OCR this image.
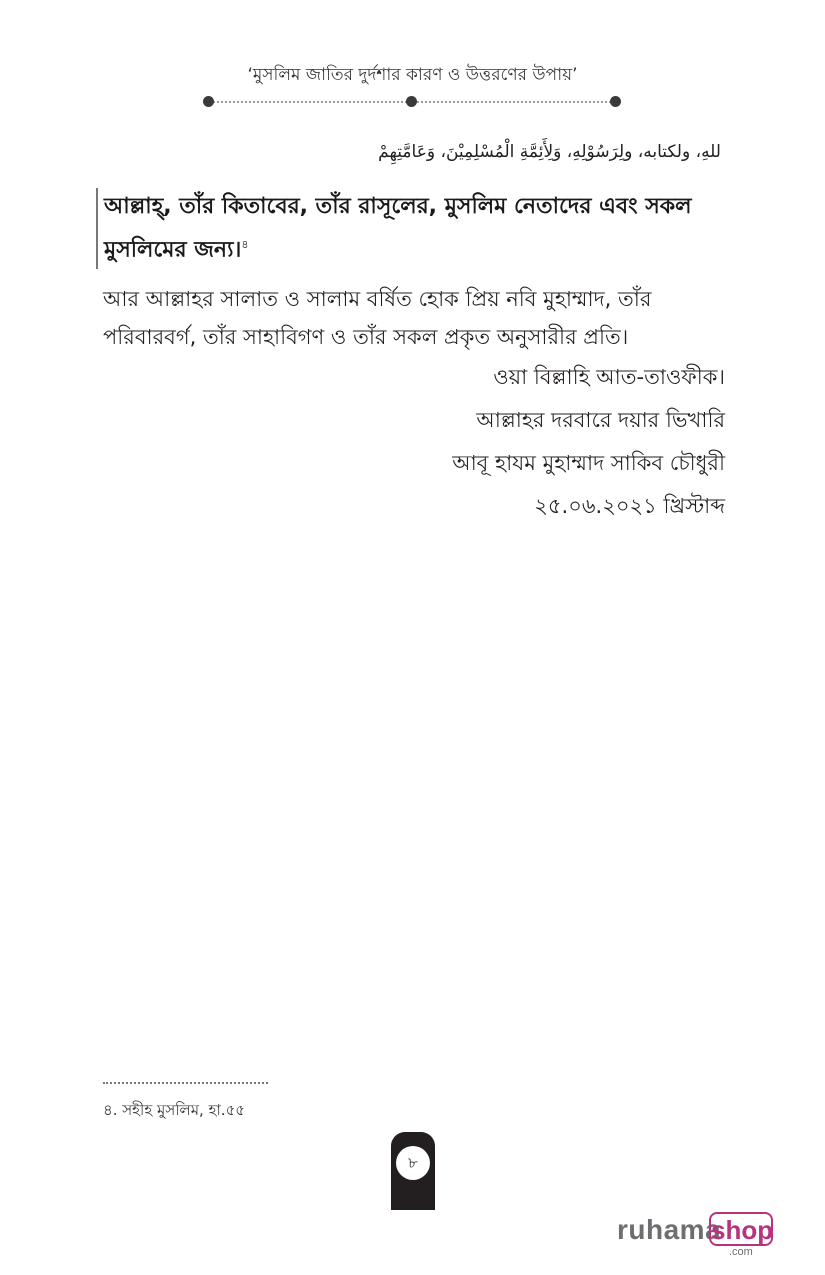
‘মুসলিম জাতির দুর্দশার কারণ ও উত্তরণের উপায়’
للهِ، ولكتابه، ولِرَسُوْلِهِ، وَلِأَئِمَّةِ الْمُسْلِمِيْنَ، وَعَامَّتِهِمْ
আল্লাহ্‌, তাঁর কিতাবের, তাঁর রাসূলের, মুসলিম নেতাদের এবং সকল মুসলিমের জন্য।$^৪$
আর আল্লাহর সালাত ও সালাম বর্ষিত হোক প্রিয় নবি মুহাম্মাদ, তাঁর পরিবারবর্গ, তাঁর সাহাবিগণ ও তাঁর সকল প্রকৃত অনুসারীর প্রতি।
ওয়া বিল্লাহি আত-তাওফীক।
আল্লাহর দরবারে দয়ার ভিখারি
আবূ হাযম মুহাম্মাদ সাকিব চৌধুরী
২৫.০৬.২০২১ খ্রিস্টাব্দ
৪. সহীহ মুসলিম, হা.৫৫
৮
ruhama
shop
.com
